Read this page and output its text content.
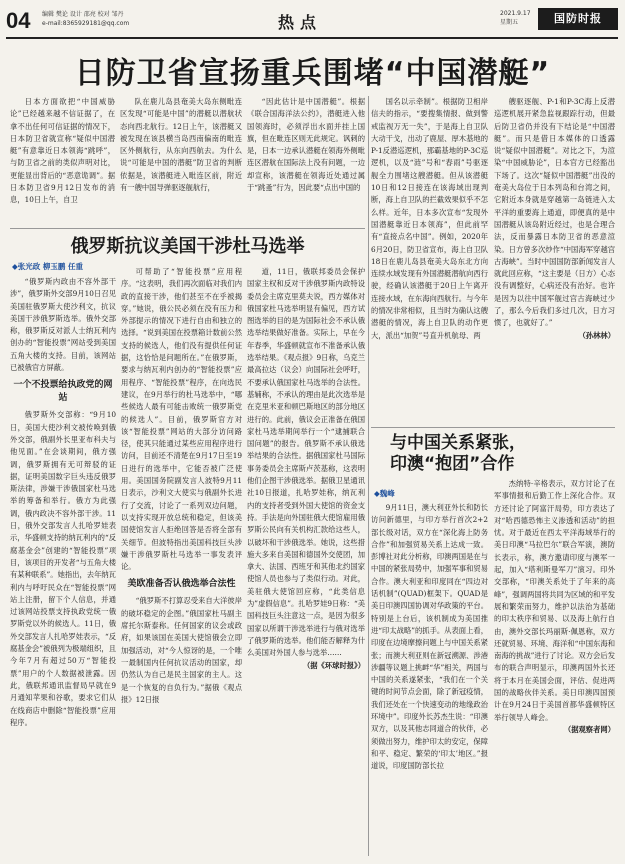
04 编辑 樊论 设计 邵亮 校对 邹丹
e-mail:8365929181@qq.com	热点	2021.9.17
星期五	国防时报
日防卫省宣扬重兵围堵“中国潜艇”

日本方面欲把“中国威胁论”已经越来越不信证据了，在拿不出任何可信证据的情况下，日本防卫省就宣称“疑似中国潜艇”有意靠近日本领海“跳呼”，与防卫省之前的类似声明对比，更能显出背后的“恶意诡调”。据日本防卫省9月12日发布的消息，10日上午，自卫

队在鹿儿岛县奄美大岛东侧毗连区发现“可能是中国”的潜艇以潜航状态向西北航行。12日上午，该潜艇又被发现在该县横当岛西南偏南的毗连区外侧航行，从东向西航去。为什么说“可能是中国的潜艇”防卫省的判断依据是，该潜艇进入毗连区前，附近有一艘中国导弹驱逐舰航行，

“因此估计是中国潜艇”。根据《联合国海洋法公约》，潜艇进入他国领海时，必须浮出水面并挂上国旗，但在毗连区则无此规定。讽刺的是，日本一边承认潜艇在领海外侧毗连区潜航在国际法上没有问题，一边却宣称，该潜艇在领海近处通过属于“跳蚤”行为，因此要“点出中国的

国名以示牵制”。根据防卫相岸信夫的指示，“要搜集情报、做到警戒监视万无一失”，于是海上自卫队大动干戈，出动了鹿屋、厚木基地的P-1反潜巡逻机，那霸基地的P-3C巡逻机，以及“涟”号和“春雨”号驱逐舰全力围堵这艘潜艇。但从该潜艇10日和12日接连在该海域出现判断，海上自卫队的拦截效果似乎不怎么样。近年，日本多次宣布“发现外国潜艇靠近日本领海”，但此前罕有“直接点名中国”。例如，2020年6月20日，防卫省宣布，海上自卫队18日在鹿儿岛县奄美大岛东北方向连续水域发现有外国潜艇潜航向西行驶，经确认该潜艇于20日上午离开连接水域，在东海向西航行。与今年的情况非常相似，且当时为确认这艘潜艇的情况，海上自卫队的动作更大，派出“加贺”号直升机航母、两

艘驱逐舰、P-1和P-3C海上反潜巡逻机展开紧急监视跟踪行动，但最后防卫省仍并没有下结论是“中国潜艇”。而只是借日本媒体的口透露说“疑似中国潜艇”。对比之下，为渲染“中国威胁论”，日本官方已经豁出下场了。这次“疑似中国潜艇”出没的奄美大岛位于日本列岛和台湾之间，它附近本身就是穿越第一岛链进入太平洋的重要海上通道，即便真的是中国潜艇从该岛附近经过，也是合理合法，反而暴露日本防卫省的恶意渲染。日方曾多次炒作“中国海军穿越宫古海峡”。当时中国国防部新闻发言人就此回应称，“这主要是（日方）心态没有调整好，心病还没有治好。也许是因为以往中国军舰过宫古海峡过少了，那么今后我们多过几次，日方习惯了，也就好了。”

（孙林林）
俄罗斯抗议美国干涉杜马选举
◆张光政 柳玉鹏 任重

“俄罗斯内政由不容外部干涉”，俄罗斯外交部9月10日召见美国驻俄罗斯大使沙利文，抗议美国干涉俄罗斯选举。俄外交部称，俄罗斯反对派人士纳瓦利内创办的“智能投票”网站受到美国五角大楼的支持。目前，该网站已被俄官方屏蔽。

一个不投票给执政党的网站

俄罗斯外交部称：“9月10日，美国大使沙利文被传唤到俄外交部，俄副外长里亚布科夫与他见面。”在会谈期间，俄方强调，俄罗斯拥有无可辩驳的证据，证明美国数字巨头违反俄罗斯法律，涉嫌干涉俄国家杜马选举的筹备和举行。俄方为此强调，俄内政决不容外部干涉。11日，俄外交部发言人扎哈罗娃表示，华盛顿支持的纳瓦利内的“反腐基金会”创建的“智能投票”项目，该项目的开发者“与五角大楼有某种联系”。她指出，去年纳瓦利内与呼吁民众在“智能投票”网站上注册，留下个人信息，并通过该网站投票支持执政党统一俄罗斯党以外的候选人。11日，俄外交部发言人扎哈罗娃表示，“反腐基金会”被俄列为极端组织，且今年7月有超过50万“智能投票”用户的个人数据被泄露。因此，俄联邦通讯监督局早就在9月通知苹果和谷歌，要求它们从在线商店中删除“智能投票”应用程序。

可帮助了“智能投票”应用程序。“这表明，我们再次面临对我们内政的直接干涉，他们甚至不在乎被揭穿。”她说，俄公民必须在没有压力和外部提示的情况下进行自由和独立的选择。“说到美国在投票箱计数前公然支持的候选人，他们没有提供任何证据，这恰恰是问题所在。”在俄罗斯，要求与纳瓦利内创办的“智能投票”应用程序、“智能投票”程序，在向选民建议，在9月举行的杜马选举中，“哪些候选人最有可能击败统一俄罗斯党的候选人”。目前，俄罗斯官方对该“智能投票”网站的大部分访问路径，使其只能通过某些应用程序进行访问，目前还不清楚在9月17日至19日进行的选举中，它能否被广泛使用。美国国务院副发言人波特9月11日表示，沙利文大使实与俄副外长进行了交流，讨论了一系列双边问题，以支持实现开放总统和稳定，但该美国使馆发言人拒绝回答是否将全部有关细节。但波特指出美国科技巨头涉嫌干涉俄罗斯杜马选举一事发表评论。

美欧准备否认俄选举合法性

“俄罗斯不打算忍受来自大洋彼岸的破坏稳定的企图。”俄国家杜马副主席托尔斯泰称。任何国家的议会或政府，如果该国在美国大使馆俄会立即加强活动，对“今人惊讶的是，一个唯一最制国内任何抗议活动的国家，却仍然认为自己是民主国家的主人。这是一个恢复的自负行为。”据俄《观点报》12日报

道，11日，俄联邦委员会保护国家主权和反对干涉俄罗斯内政特设委员会主席克里莫夫说，西方媒体对俄国家杜马选举明显有偏见，西方试图选举的目的是为国际社会不承认俄选举结果做好准备。实际上，早在今年春季，华盛顿就宣布不准备承认俄选举结果。《观点报》9日称，乌克兰最高拉达（议会）向国际社会呼吁，不要承认俄国家杜马选举的合法性。基辅称，不承认的理由是此次选举是在克里米亚和顿巴斯地区的部分地区进行的。此前，俄议会正准备在俄国家杜马选举期间举行一个“逮捕联合国问题”的报告。俄罗斯不承认俄选举结果的合法性。据俄国家杜马国际事务委员会主席斯卢茨基称，这表明他们企图干涉俄选举。据俄卫星通讯社10日报道，扎哈罗娃称，纳瓦利内的支持者受到外国大使馆的资金支持。手法是向外国驻俄大使馆雇用俄罗斯公民向有关机构汇款给这些人，以破坏和干涉俄选举。她说，这些措施大多来自美国和德国外交使团，加拿大、法国、西班牙和其他北约国家使馆人员也参与了类似行动。对此，美驻俄大使馆回应称，“此类信息为”虚假信息”。扎哈罗娃9日称：“美国科技巨头注意这一点，是因为很多国家以所谓干涉选举进行与俄对选举了俄罗斯的选举。他们能否解释为什么美国对外国人参与选举……

（据《环球时报》）
与中国关系紧张，
印澳“抱团”合作
◆魏峰

9月11日，澳大利亚外长和防长访问新德里，与印方举行首次2+2部长级对话，双方在“深化海上防务合作”和加强贸易关系上达成一致。彭博社对此分析称，印澳两国是在与中国的紧张局势中，加强军事和贸易合作。澳大利亚和印度同在“四边对话机制”(QUAD)框架下。QUAD是美日印澳四国协调对华政策的平台。特别是上台后，该机制成为美国推进“印太战略”的抓手。从表面上看，印度在边境摩擦问题上与中国关系紧张；而澳大利亚则在新冠溯源、涉港涉疆等议题上挑衅“华”相关，两国与中国的关系遂紧张，“我们在一个关键的时间节点会面，除了新冠疫情，我们还处在一个快速变动的地缘政治环境中”。印度外长苏杰生说：“印澳双方，以及其他志同道合的伙伴，必须做出努力，维护印太的安定，保障和平、稳定、繁荣的‘印太’地区。”报道说，印度国防部长拉

杰纳特·辛格表示，双方讨论了在军事情报和后勤工作上深化合作。双方还讨论了阿富汗局势，印方表达了对“哈西德恐怖主义渗透和活动”的担忧。对于最近在西太平洋海域举行的美日印澳“马拉巴尔”联合军演，澳防长表示，称，澳方邀请印度与澳军一起，加入“塔利斯曼军刀”演习。印外交部称，“印澳关系处于了年来的高峰”，强调两国将共同为区域的和平发展和繁荣而努力，维护以法治为基础的印太秩序和贸易、以及海上航行自由，澳外交部长玛丽斯·佩恩称，双方还就贸易、环境、海洋和“中国东海和南海的挑战”进行了讨论。双方会后发布的联合声明显示，印澳两国外长还将于本月在美国会面，评估、促进两国的战略伙伴关系。美日印澳四国预计在9月24日于美国首都华盛顿特区举行领导人峰会。

（据观察者网）
